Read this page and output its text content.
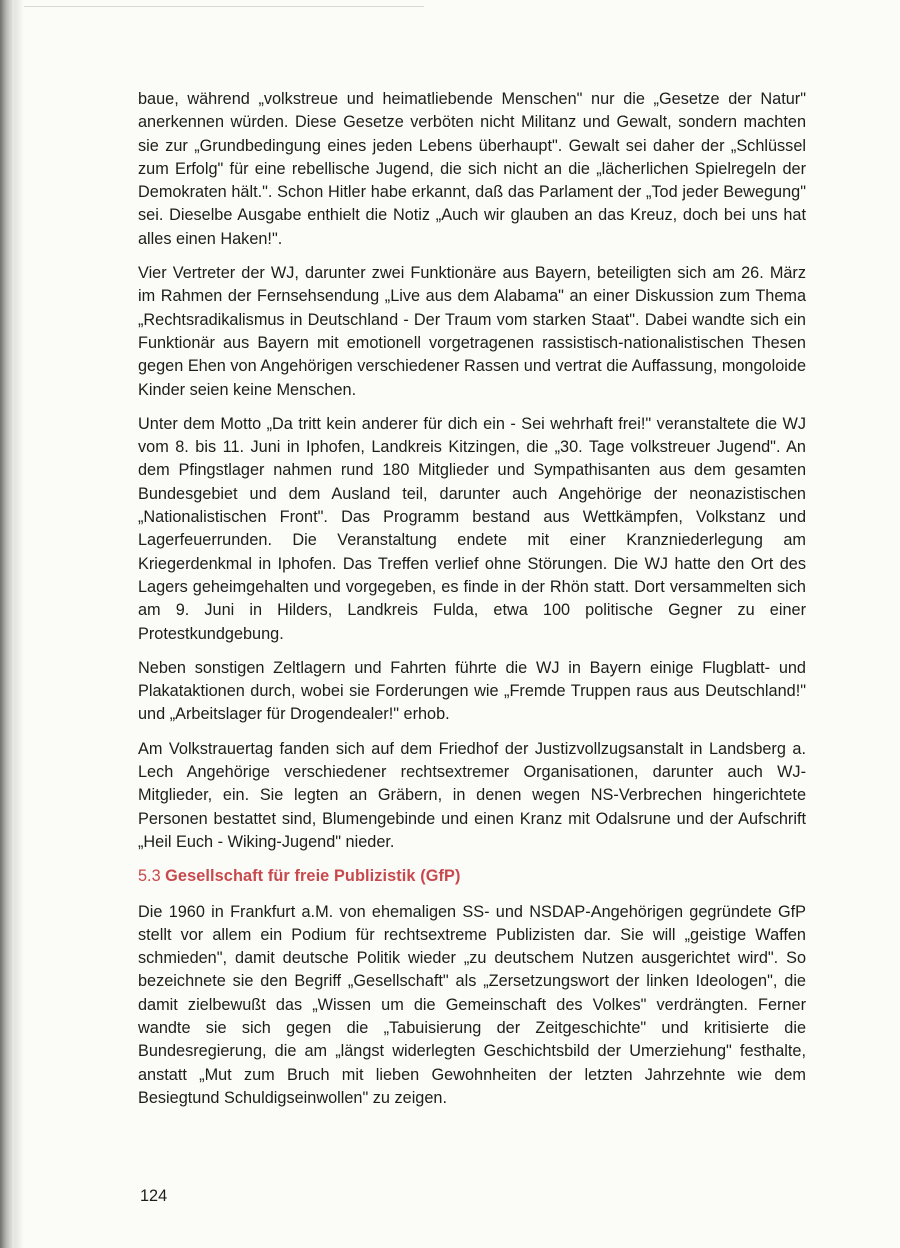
baue, während „volkstreue und heimatliebende Menschen" nur die „Gesetze der Natur" anerkennen würden. Diese Gesetze verböten nicht Militanz und Gewalt, sondern machten sie zur „Grundbedingung eines jeden Lebens überhaupt". Gewalt sei daher der „Schlüssel zum Erfolg" für eine rebellische Jugend, die sich nicht an die „lächerlichen Spielregeln der Demokraten hält.". Schon Hitler habe erkannt, daß das Parlament der „Tod jeder Bewegung" sei. Dieselbe Ausgabe enthielt die Notiz „Auch wir glauben an das Kreuz, doch bei uns hat alles einen Haken!".

Vier Vertreter der WJ, darunter zwei Funktionäre aus Bayern, beteiligten sich am 26. März im Rahmen der Fernsehsendung „Live aus dem Alabama" an einer Diskussion zum Thema „Rechtsradikalismus in Deutschland - Der Traum vom starken Staat". Dabei wandte sich ein Funktionär aus Bayern mit emotionell vorgetragenen rassistisch-nationalistischen Thesen gegen Ehen von Angehörigen verschiedener Rassen und vertrat die Auffassung, mongoloide Kinder seien keine Menschen.

Unter dem Motto „Da tritt kein anderer für dich ein - Sei wehrhaft frei!" veranstaltete die WJ vom 8. bis 11. Juni in Iphofen, Landkreis Kitzingen, die „30. Tage volkstreuer Jugend". An dem Pfingstlager nahmen rund 180 Mitglieder und Sympathisanten aus dem gesamten Bundesgebiet und dem Ausland teil, darunter auch Angehörige der neonazistischen „Nationalistischen Front". Das Programm bestand aus Wettkämpfen, Volkstanz und Lagerfeuerrunden. Die Veranstaltung endete mit einer Kranzniederlegung am Kriegerdenkmal in Iphofen. Das Treffen verlief ohne Störungen. Die WJ hatte den Ort des Lagers geheimgehalten und vorgegeben, es finde in der Rhön statt. Dort versammelten sich am 9. Juni in Hilders, Landkreis Fulda, etwa 100 politische Gegner zu einer Protestkundgebung.

Neben sonstigen Zeltlagern und Fahrten führte die WJ in Bayern einige Flugblatt- und Plakataktionen durch, wobei sie Forderungen wie „Fremde Truppen raus aus Deutschland!" und „Arbeitslager für Drogendealer!" erhob.

Am Volkstrauertag fanden sich auf dem Friedhof der Justizvollzugsanstalt in Landsberg a. Lech Angehörige verschiedener rechtsextremer Organisationen, darunter auch WJ-Mitglieder, ein. Sie legten an Gräbern, in denen wegen NS-Verbrechen hingerichtete Personen bestattet sind, Blumengebinde und einen Kranz mit Odalsrune und der Aufschrift „Heil Euch - Wiking-Jugend" nieder.

5.3 Gesellschaft für freie Publizistik (GfP)

Die 1960 in Frankfurt a.M. von ehemaligen SS- und NSDAP-Angehörigen gegründete GfP stellt vor allem ein Podium für rechtsextreme Publizisten dar. Sie will „geistige Waffen schmieden", damit deutsche Politik wieder „zu deutschem Nutzen ausgerichtet wird". So bezeichnete sie den Begriff „Gesellschaft" als „Zersetzungswort der linken Ideologen", die damit zielbewußt das „Wissen um die Gemeinschaft des Volkes" verdrängten. Ferner wandte sie sich gegen die „Tabuisierung der Zeitgeschichte" und kritisierte die Bundesregierung, die am „längst widerlegten Geschichtsbild der Umerziehung" festhalte, anstatt „Mut zum Bruch mit lieben Gewohnheiten der letzten Jahrzehnte wie dem Besiegtund Schuldigseinwollen" zu zeigen.

124
